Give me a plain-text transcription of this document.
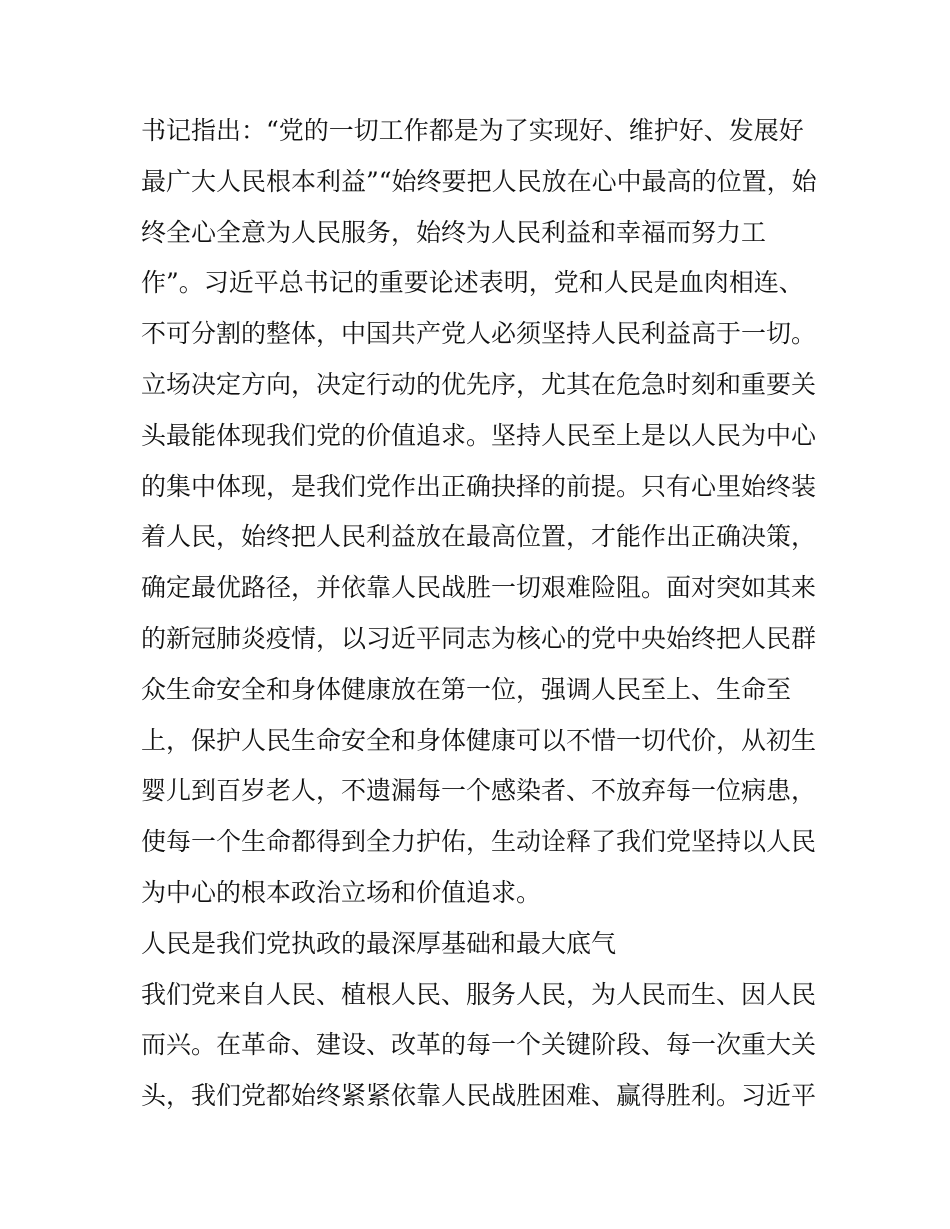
书记指出：“党的一切工作都是为了实现好、维护好、发展好
最广大人民根本利益”“始终要把人民放在心中最高的位置，始
终全心全意为人民服务，始终为人民利益和幸福而努力工
作”。习近平总书记的重要论述表明，党和人民是血肉相连、
不可分割的整体，中国共产党人必须坚持人民利益高于一切。
立场决定方向，决定行动的优先序，尤其在危急时刻和重要关
头最能体现我们党的价值追求。坚持人民至上是以人民为中心
的集中体现，是我们党作出正确抉择的前提。只有心里始终装
着人民，始终把人民利益放在最高位置，才能作出正确决策，
确定最优路径，并依靠人民战胜一切艰难险阻。面对突如其来
的新冠肺炎疫情，以习近平同志为核心的党中央始终把人民群
众生命安全和身体健康放在第一位，强调人民至上、生命至
上，保护人民生命安全和身体健康可以不惜一切代价，从初生
婴儿到百岁老人，不遗漏每一个感染者、不放弃每一位病患，
使每一个生命都得到全力护佑，生动诠释了我们党坚持以人民
为中心的根本政治立场和价值追求。
人民是我们党执政的最深厚基础和最大底气
我们党来自人民、植根人民、服务人民，为人民而生、因人民
而兴。在革命、建设、改革的每一个关键阶段、每一次重大关
头，我们党都始终紧紧依靠人民战胜困难、赢得胜利。习近平
